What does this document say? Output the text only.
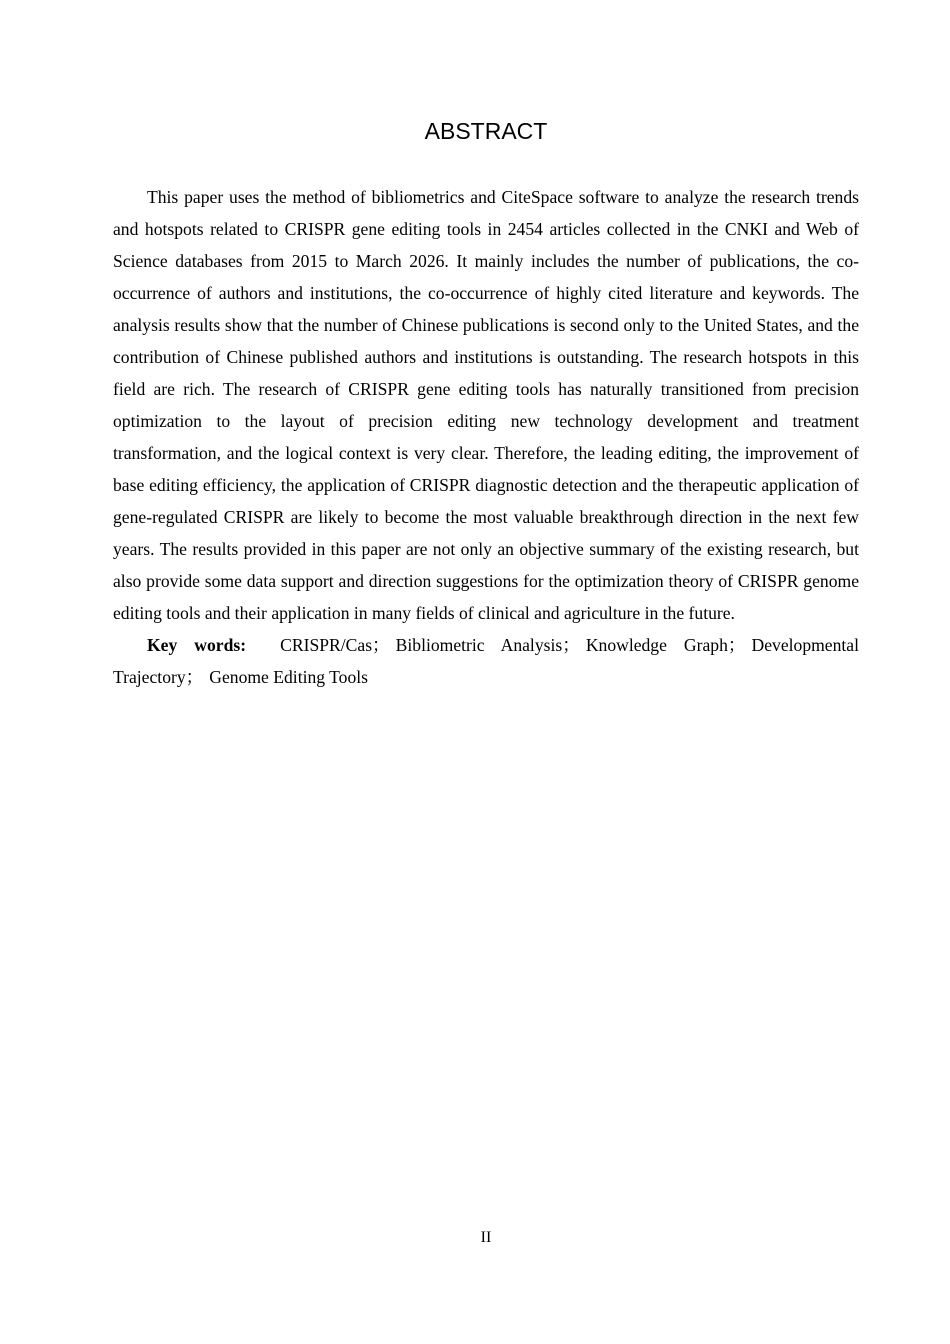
ABSTRACT

This paper uses the method of bibliometrics and CiteSpace software to analyze the research trends and hotspots related to CRISPR gene editing tools in 2454 articles collected in the CNKI and Web of Science databases from 2015 to March 2026. It mainly includes the number of publications, the co-occurrence of authors and institutions, the co-occurrence of highly cited literature and keywords. The analysis results show that the number of Chinese publications is second only to the United States, and the contribution of Chinese published authors and institutions is outstanding. The research hotspots in this field are rich. The research of CRISPR gene editing tools has naturally transitioned from precision optimization to the layout of precision editing new technology development and treatment transformation, and the logical context is very clear. Therefore, the leading editing, the improvement of base editing efficiency, the application of CRISPR diagnostic detection and the therapeutic application of gene-regulated CRISPR are likely to become the most valuable breakthrough direction in the next few years. The results provided in this paper are not only an objective summary of the existing research, but also provide some data support and direction suggestions for the optimization theory of CRISPR genome editing tools and their application in many fields of clinical and agriculture in the future.

Key words: CRISPR/Cas； Bibliometric Analysis； Knowledge Graph； Developmental Trajectory； Genome Editing Tools

II
